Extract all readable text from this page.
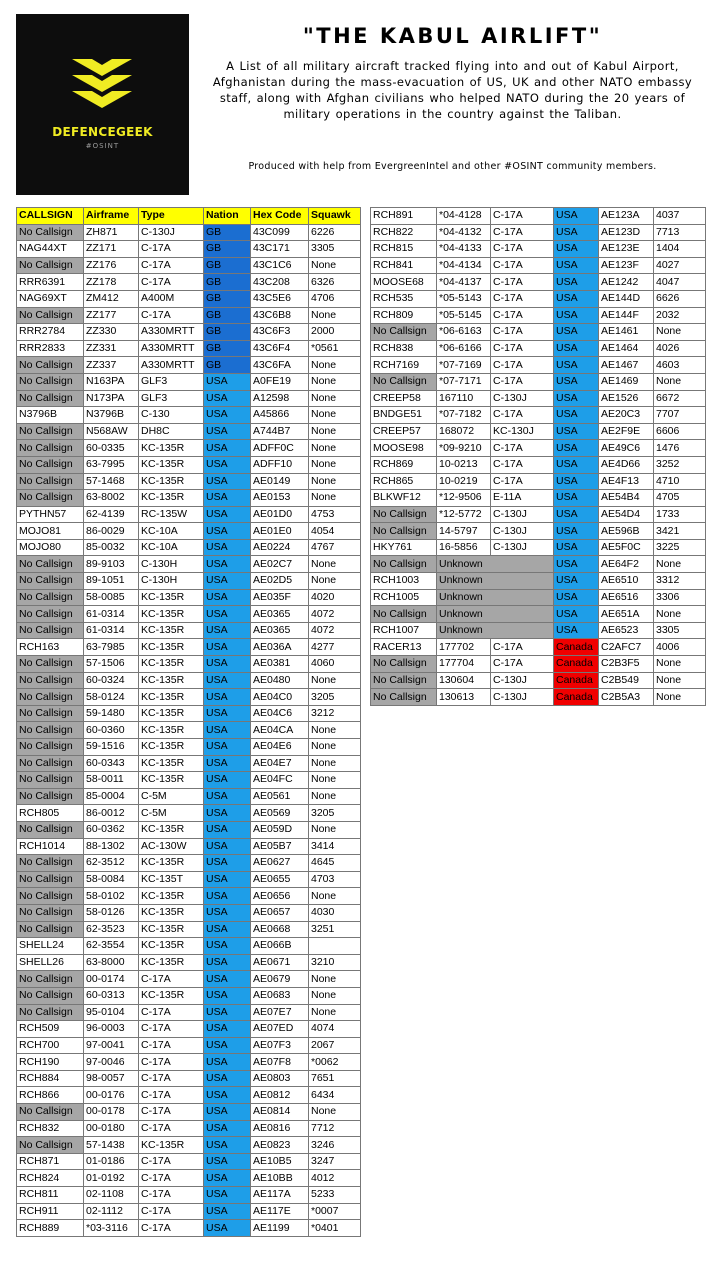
DEFENCEGEEK
#OSINT
"THE KABUL AIRLIFT"
A List of all military aircraft tracked flying into and out of Kabul Airport, Afghanistan during the mass-evacuation of US, UK and other NATO embassy staff, along with Afghan civilians who helped NATO during the 20 years of military operations in the country against the Taliban.
Produced with help from EvergreenIntel and other #OSINT community members.
CALLSIGN	Airframe	Type	Nation	Hex Code	Squawk
No Callsign	ZH871	C-130J	GB	43C099	6226
NAG44XT	ZZ171	C-17A	GB	43C171	3305
No Callsign	ZZ176	C-17A	GB	43C1C6	None
RRR6391	ZZ178	C-17A	GB	43C208	6326
NAG69XT	ZM412	A400M	GB	43C5E6	4706
No Callsign	ZZ177	C-17A	GB	43C6B8	None
RRR2784	ZZ330	A330MRTT	GB	43C6F3	2000
RRR2833	ZZ331	A330MRTT	GB	43C6F4	*0561
No Callsign	ZZ337	A330MRTT	GB	43C6FA	None
No Callsign	N163PA	GLF3	USA	A0FE19	None
No Callsign	N173PA	GLF3	USA	A12598	None
N3796B	N3796B	C-130	USA	A45866	None
No Callsign	N568AW	DH8C	USA	A744B7	None
No Callsign	60-0335	KC-135R	USA	ADFF0C	None
No Callsign	63-7995	KC-135R	USA	ADFF10	None
No Callsign	57-1468	KC-135R	USA	AE0149	None
No Callsign	63-8002	KC-135R	USA	AE0153	None
PYTHN57	62-4139	RC-135W	USA	AE01D0	4753
MOJO81	86-0029	KC-10A	USA	AE01E0	4054
MOJO80	85-0032	KC-10A	USA	AE0224	4767
No Callsign	89-9103	C-130H	USA	AE02C7	None
No Callsign	89-1051	C-130H	USA	AE02D5	None
No Callsign	58-0085	KC-135R	USA	AE035F	4020
No Callsign	61-0314	KC-135R	USA	AE0365	4072
No Callsign	61-0314	KC-135R	USA	AE0365	4072
RCH163	63-7985	KC-135R	USA	AE036A	4277
No Callsign	57-1506	KC-135R	USA	AE0381	4060
No Callsign	60-0324	KC-135R	USA	AE0480	None
No Callsign	58-0124	KC-135R	USA	AE04C0	3205
No Callsign	59-1480	KC-135R	USA	AE04C6	3212
No Callsign	60-0360	KC-135R	USA	AE04CA	None
No Callsign	59-1516	KC-135R	USA	AE04E6	None
No Callsign	60-0343	KC-135R	USA	AE04E7	None
No Callsign	58-0011	KC-135R	USA	AE04FC	None
No Callsign	85-0004	C-5M	USA	AE0561	None
RCH805	86-0012	C-5M	USA	AE0569	3205
No Callsign	60-0362	KC-135R	USA	AE059D	None
RCH1014	88-1302	AC-130W	USA	AE05B7	3414
No Callsign	62-3512	KC-135R	USA	AE0627	4645
No Callsign	58-0084	KC-135T	USA	AE0655	4703
No Callsign	58-0102	KC-135R	USA	AE0656	None
No Callsign	58-0126	KC-135R	USA	AE0657	4030
No Callsign	62-3523	KC-135R	USA	AE0668	3251
SHELL24	62-3554	KC-135R	USA	AE066B	
SHELL26	63-8000	KC-135R	USA	AE0671	3210
No Callsign	00-0174	C-17A	USA	AE0679	None
No Callsign	60-0313	KC-135R	USA	AE0683	None
No Callsign	95-0104	C-17A	USA	AE07E7	None
RCH509	96-0003	C-17A	USA	AE07ED	4074
RCH700	97-0041	C-17A	USA	AE07F3	2067
RCH190	97-0046	C-17A	USA	AE07F8	*0062
RCH884	98-0057	C-17A	USA	AE0803	7651
RCH866	00-0176	C-17A	USA	AE0812	6434
No Callsign	00-0178	C-17A	USA	AE0814	None
RCH832	00-0180	C-17A	USA	AE0816	7712
No Callsign	57-1438	KC-135R	USA	AE0823	3246
RCH871	01-0186	C-17A	USA	AE10B5	3247
RCH824	01-0192	C-17A	USA	AE10BB	4012
RCH811	02-1108	C-17A	USA	AE117A	5233
RCH911	02-1112	C-17A	USA	AE117E	*0007
RCH889	*03-3116	C-17A	USA	AE1199	*0401
RCH891	*04-4128	C-17A	USA	AE123A	4037
RCH822	*04-4132	C-17A	USA	AE123D	7713
RCH815	*04-4133	C-17A	USA	AE123E	1404
RCH841	*04-4134	C-17A	USA	AE123F	4027
MOOSE68	*04-4137	C-17A	USA	AE1242	4047
RCH535	*05-5143	C-17A	USA	AE144D	6626
RCH809	*05-5145	C-17A	USA	AE144F	2032
No Callsign	*06-6163	C-17A	USA	AE1461	None
RCH838	*06-6166	C-17A	USA	AE1464	4026
RCH7169	*07-7169	C-17A	USA	AE1467	4603
No Callsign	*07-7171	C-17A	USA	AE1469	None
CREEP58	167110	C-130J	USA	AE1526	6672
BNDGE51	*07-7182	C-17A	USA	AE20C3	7707
CREEP57	168072	KC-130J	USA	AE2F9E	6606
MOOSE98	*09-9210	C-17A	USA	AE49C6	1476
RCH869	10-0213	C-17A	USA	AE4D66	3252
RCH865	10-0219	C-17A	USA	AE4F13	4710
BLKWF12	*12-9506	E-11A	USA	AE54B4	4705
No Callsign	*12-5772	C-130J	USA	AE54D4	1733
No Callsign	14-5797	C-130J	USA	AE596B	3421
HKY761	16-5856	C-130J	USA	AE5F0C	3225
No Callsign	Unknown		USA	AE64F2	None
RCH1003	Unknown		USA	AE6510	3312
RCH1005	Unknown		USA	AE6516	3306
No Callsign	Unknown		USA	AE651A	None
RCH1007	Unknown		USA	AE6523	3305
RACER13	177702	C-17A	Canada	C2AFC7	4006
No Callsign	177704	C-17A	Canada	C2B3F5	None
No Callsign	130604	C-130J	Canada	C2B549	None
No Callsign	130613	C-130J	Canada	C2B5A3	None
